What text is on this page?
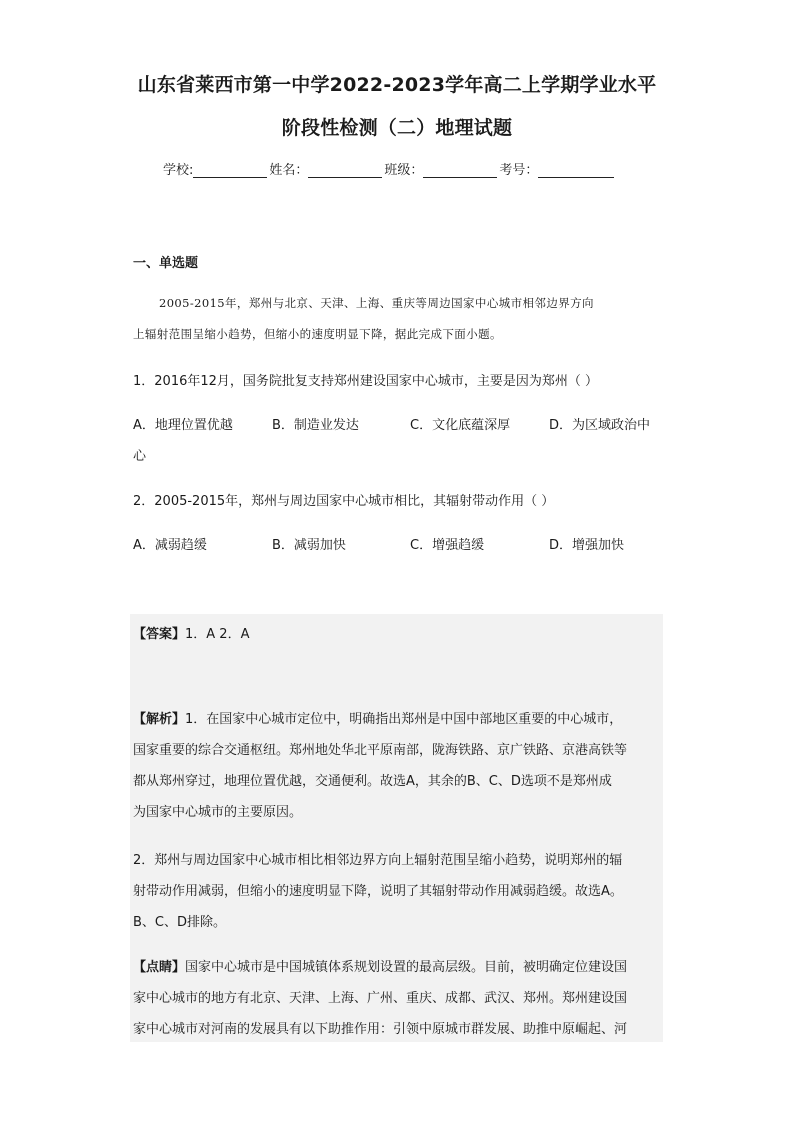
山东省莱西市第一中学2022-2023学年高二上学期学业水平
阶段性检测（二）地理试题
学校:	姓名：	班级：	考号：
一、单选题
2005-2015年，郑州与北京、天津、上海、重庆等周边国家中心城市相邻边界方向
上辐射范围呈缩小趋势，但缩小的速度明显下降，据此完成下面小题。
1．2016年12月，国务院批复支持郑州建设国家中心城市，主要是因为郑州（ ）
A．地理位置优越	B．制造业发达	C．文化底蕴深厚	D．为区域政治中
心
2．2005-2015年，郑州与周边国家中心城市相比，其辐射带动作用（ ）
A．减弱趋缓	B．减弱加快	C．增强趋缓	D．增强加快
【答案】1．A 2．A
【解析】1．在国家中心城市定位中，明确指出郑州是中国中部地区重要的中心城市，
国家重要的综合交通枢纽。郑州地处华北平原南部，陇海铁路、京广铁路、京港高铁等
都从郑州穿过，地理位置优越，交通便利。故选A，其余的B、C、D选项不是郑州成
为国家中心城市的主要原因。
2．郑州与周边国家中心城市相比相邻边界方向上辐射范围呈缩小趋势，说明郑州的辐
射带动作用减弱，但缩小的速度明显下降，说明了其辐射带动作用减弱趋缓。故选A。
B、C、D排除。
【点睛】国家中心城市是中国城镇体系规划设置的最高层级。目前，被明确定位建设国
家中心城市的地方有北京、天津、上海、广州、重庆、成都、武汉、郑州。郑州建设国
家中心城市对河南的发展具有以下助推作用：引领中原城市群发展、助推中原崛起、河
